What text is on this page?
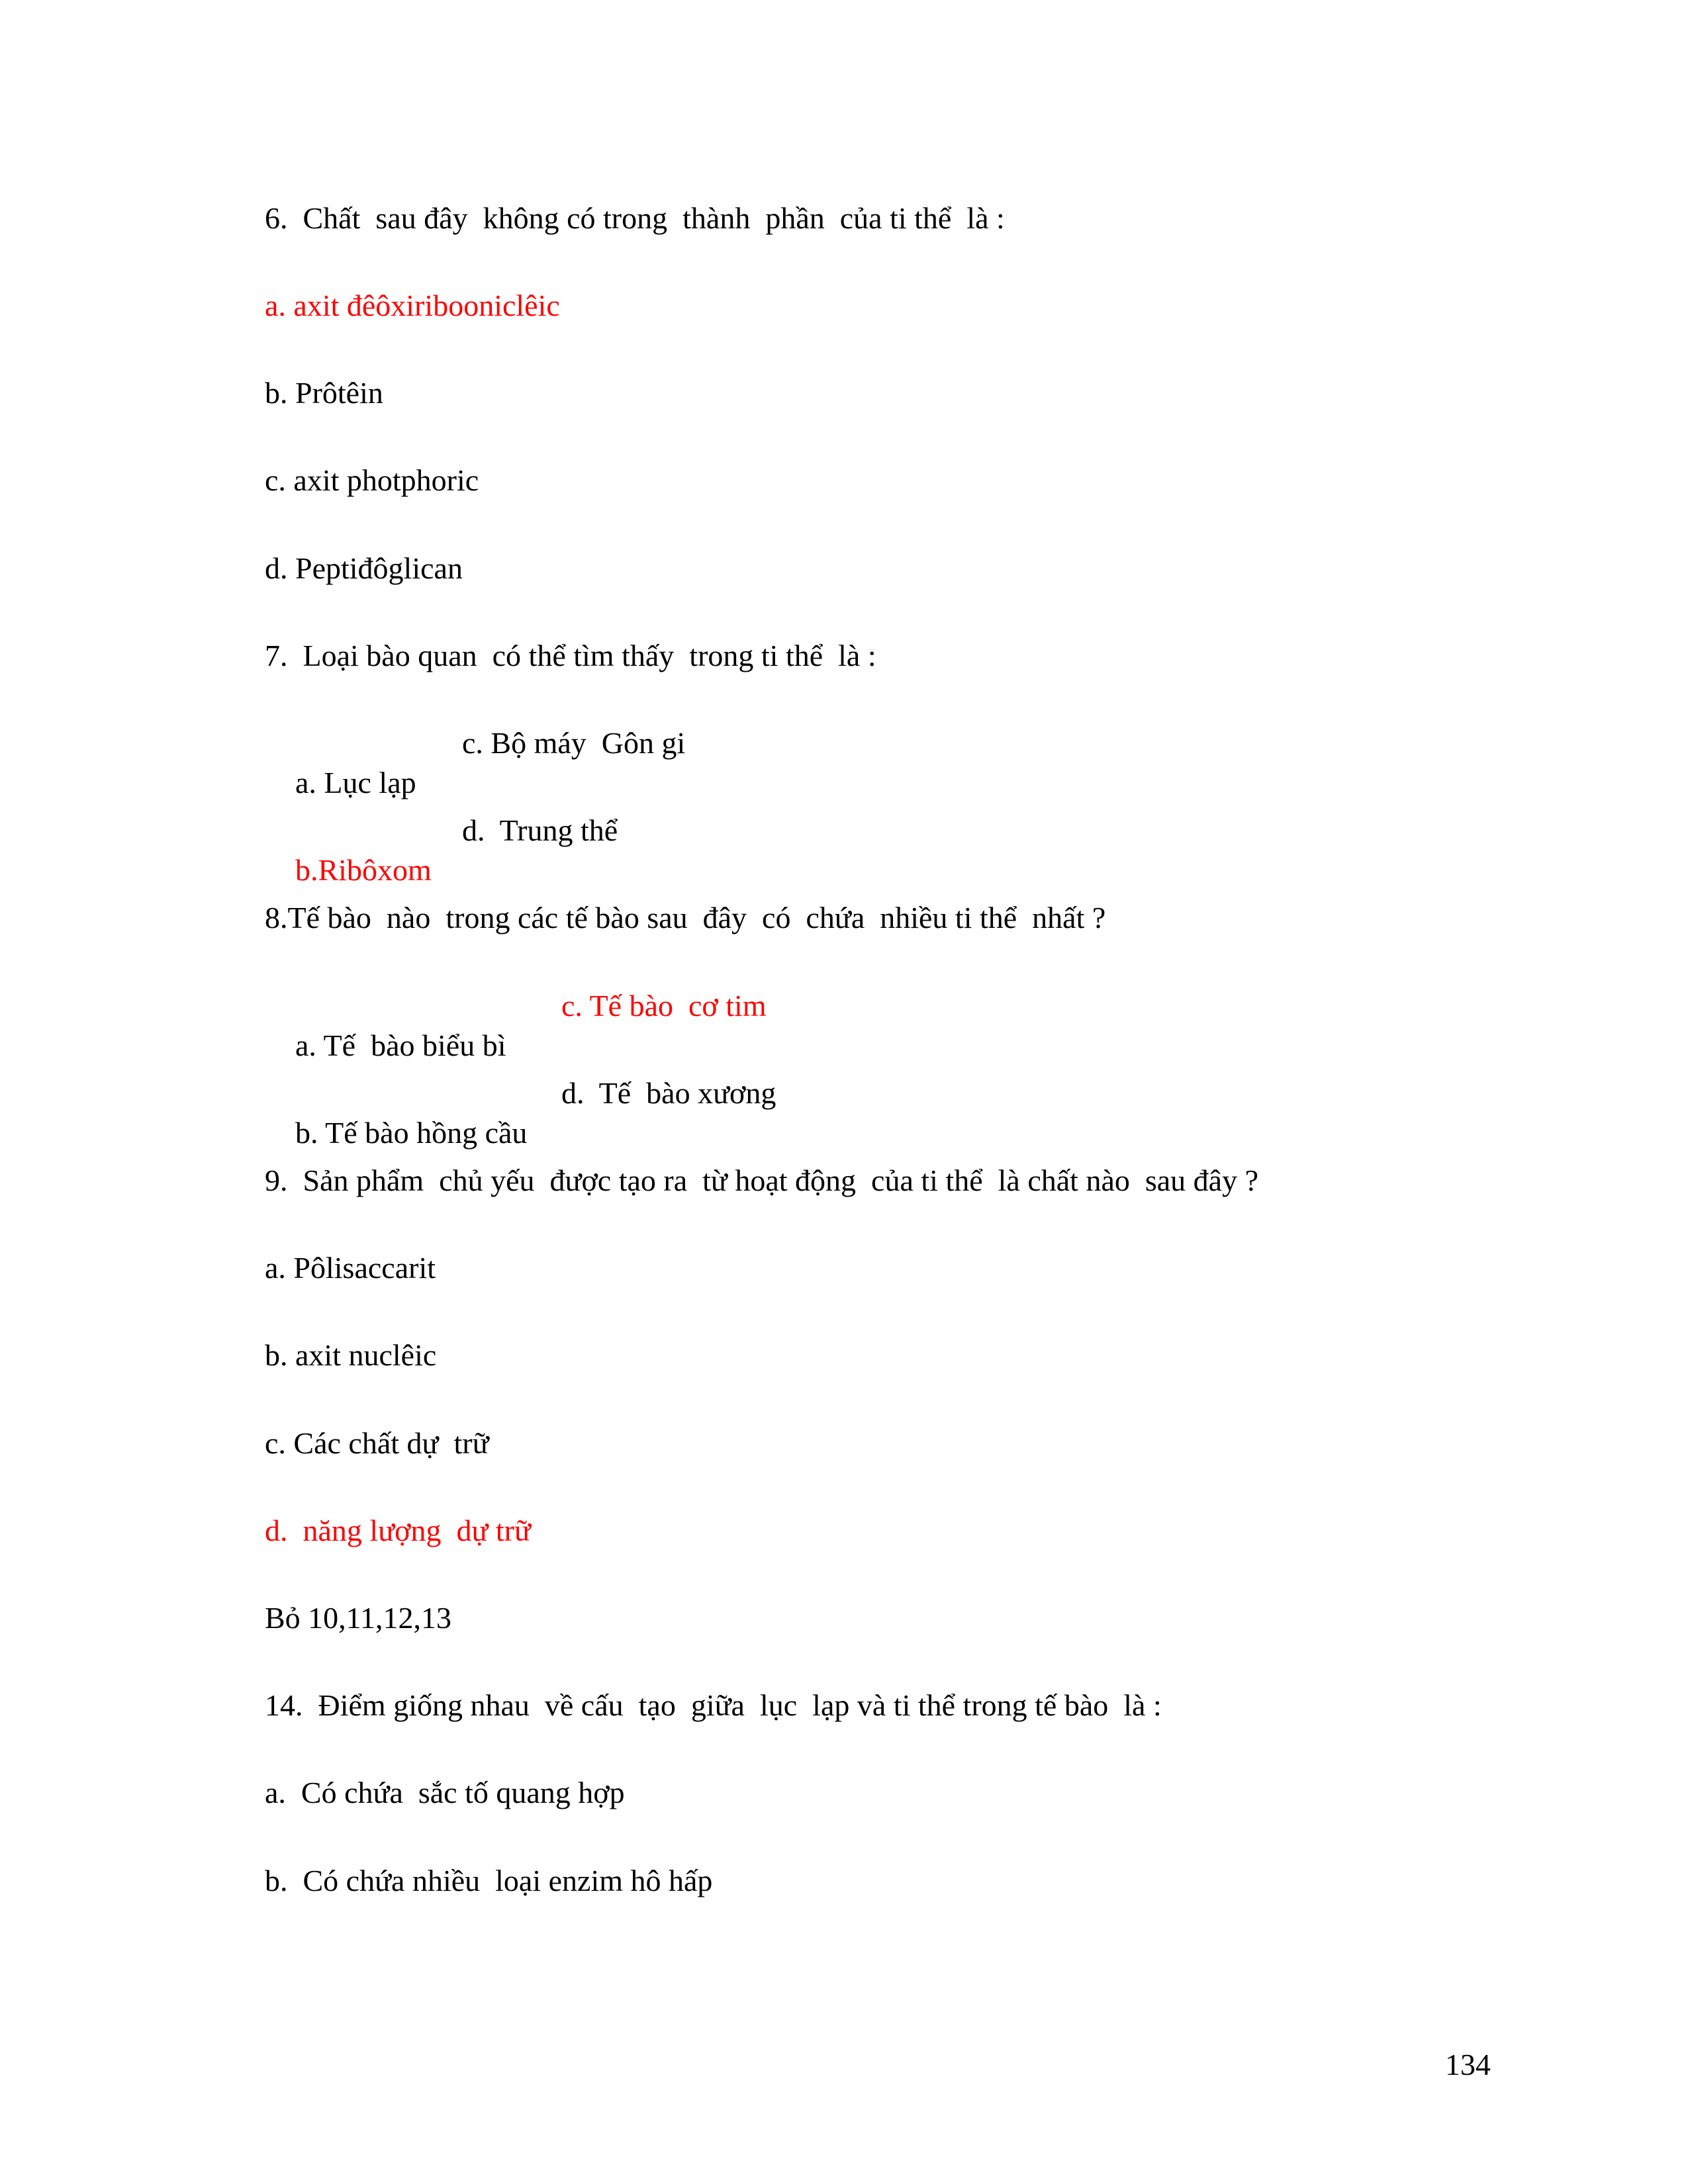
6.  Chất  sau đây  không có trong  thành  phần  của ti thể  là :
a. axit đêôxiribooniclêic
b. Prôtêin
c. axit photphoric
d. Peptiđôglican
7.  Loại bào quan  có thể tìm thấy  trong ti thể  là :

a. Lục lạp
c. Bộ máy  Gôn gi

b.Ribôxom
d.  Trung thể

8.Tế bào  nào  trong các tế bào sau  đây  có  chứa  nhiều ti thể  nhất ?

a. Tế  bào biểu bì
c. Tế bào  cơ tim

b. Tế bào hồng cầu
d.  Tế  bào xương

9.  Sản phẩm  chủ yếu  được tạo ra  từ hoạt động  của ti thể  là chất nào  sau đây ?
a. Pôlisaccarit
b. axit nuclêic
c. Các chất dự  trữ
d.  năng lượng  dự trữ
Bỏ 10,11,12,13
14.  Điểm giống nhau  về cấu  tạo  giữa  lục  lạp và ti thể trong tế bào  là :
a.  Có chứa  sắc tố quang hợp
b.  Có chứa nhiều  loại enzim hô hấp
134
